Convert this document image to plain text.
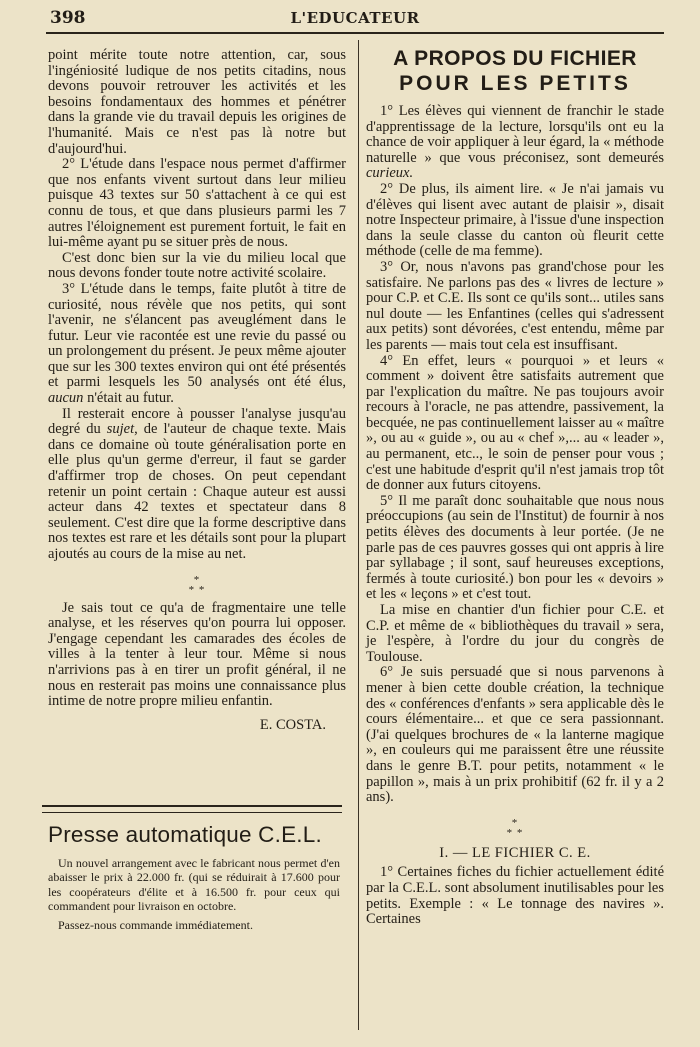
398	L'EDUCATEUR

point mérite toute notre attention, car, sous l'ingéniosité ludique de nos petits citadins, nous devons pouvoir retrouver les activités et les besoins fondamentaux des hommes et pénétrer dans la grande vie du travail depuis les origines de l'humanité. Mais ce n'est pas là notre but d'aujourd'hui.

2° L'étude dans l'espace nous permet d'affirmer que nos enfants vivent surtout dans leur milieu puisque 43 textes sur 50 s'attachent à ce qui est connu de tous, et que dans plusieurs parmi les 7 autres l'éloignement est purement fortuit, le fait en lui-même ayant pu se situer près de nous.

C'est donc bien sur la vie du milieu local que nous devons fonder toute notre activité scolaire.

3° L'étude dans le temps, faite plutôt à titre de curiosité, nous révèle que nos petits, qui sont l'avenir, ne s'élancent pas aveuglément dans le futur. Leur vie racontée est une revie du passé ou un prolongement du présent. Je peux même ajouter que sur les 300 textes environ qui ont été présentés et parmi lesquels les 50 analysés ont été élus, aucun n'était au futur.

Il resterait encore à pousser l'analyse jusqu'au degré du sujet, de l'auteur de chaque texte. Mais dans ce domaine où toute généralisation porte en elle plus qu'un germe d'erreur, il faut se garder d'affirmer trop de choses. On peut cependant retenir un point certain : Chaque auteur est aussi acteur dans 42 textes et spectateur dans 8 seulement. C'est dire que la forme descriptive dans nos textes est rare et les détails sont pour la plupart ajoutés au cours de la mise au net.

*
* *

Je sais tout ce qu'a de fragmentaire une telle analyse, et les réserves qu'on pourra lui opposer. J'engage cependant les camarades des écoles de villes à la tenter à leur tour. Même si nous n'arrivions pas à en tirer un profit général, il ne nous en resterait pas moins une connaissance plus intime de notre propre milieu enfantin.

E. COSTA.
Presse automatique C.E.L.

Un nouvel arrangement avec le fabricant nous permet d'en abaisser le prix à 22.000 fr. (qui se réduirait à 17.600 pour les coopérateurs d'élite et à 16.500 fr. pour ceux qui commandent pour livraison en octobre.

Passez-nous commande immédiatement.

A PROPOS DU FICHIER
POUR LES PETITS

1° Les élèves qui viennent de franchir le stade d'apprentissage de la lecture, lorsqu'ils ont eu la chance de voir appliquer à leur égard, la « méthode naturelle » que vous préconisez, sont demeurés curieux.

2° De plus, ils aiment lire. « Je n'ai jamais vu d'élèves qui lisent avec autant de plaisir », disait notre Inspecteur primaire, à l'issue d'une inspection dans la seule classe du canton où fleurit cette méthode (celle de ma femme).

3° Or, nous n'avons pas grand'chose pour les satisfaire. Ne parlons pas des « livres de lecture » pour C.P. et C.E. Ils sont ce qu'ils sont... utiles sans nul doute — les Enfantines (celles qui s'adressent aux petits) sont dévorées, c'est entendu, même par les parents — mais tout cela est insuffisant.

4° En effet, leurs « pourquoi » et leurs « comment » doivent être satisfaits autrement que par l'explication du maître. Ne pas toujours avoir recours à l'oracle, ne pas attendre, passivement, la becquée, ne pas continuellement laisser au « maître », ou au « guide », ou au « chef »,... au « leader », au permanent, etc.., le soin de penser pour vous ; c'est une habitude d'esprit qu'il n'est jamais trop tôt de donner aux futurs citoyens.

5° Il me paraît donc souhaitable que nous nous préoccupions (au sein de l'Institut) de fournir à nos petits élèves des documents à leur portée. (Je ne parle pas de ces pauvres gosses qui ont appris à lire par syllabage ; il sont, sauf heureuses exceptions, fermés à toute curiosité.) bon pour les « devoirs » et les « leçons » et c'est tout.

La mise en chantier d'un fichier pour C.E. et C.P. et même de « bibliothèques du travail » sera, je l'espère, à l'ordre du jour du congrès de Toulouse.

6° Je suis persuadé que si nous parvenons à mener à bien cette double création, la technique des « conférences d'enfants » sera applicable dès le cours élémentaire... et que ce sera passionnant. (J'ai quelques brochures de « la lanterne magique », en couleurs qui me paraissent être une réussite dans le genre B.T. pour petits, notamment « le papillon », mais à un prix prohibitif (62 fr. il y a 2 ans).

*
* *
I. — LE FICHIER C. E.

1° Certaines fiches du fichier actuellement édité par la C.E.L. sont absolument inutilisables pour les petits. Exemple : « Le tonnage des navires ». Certaines
